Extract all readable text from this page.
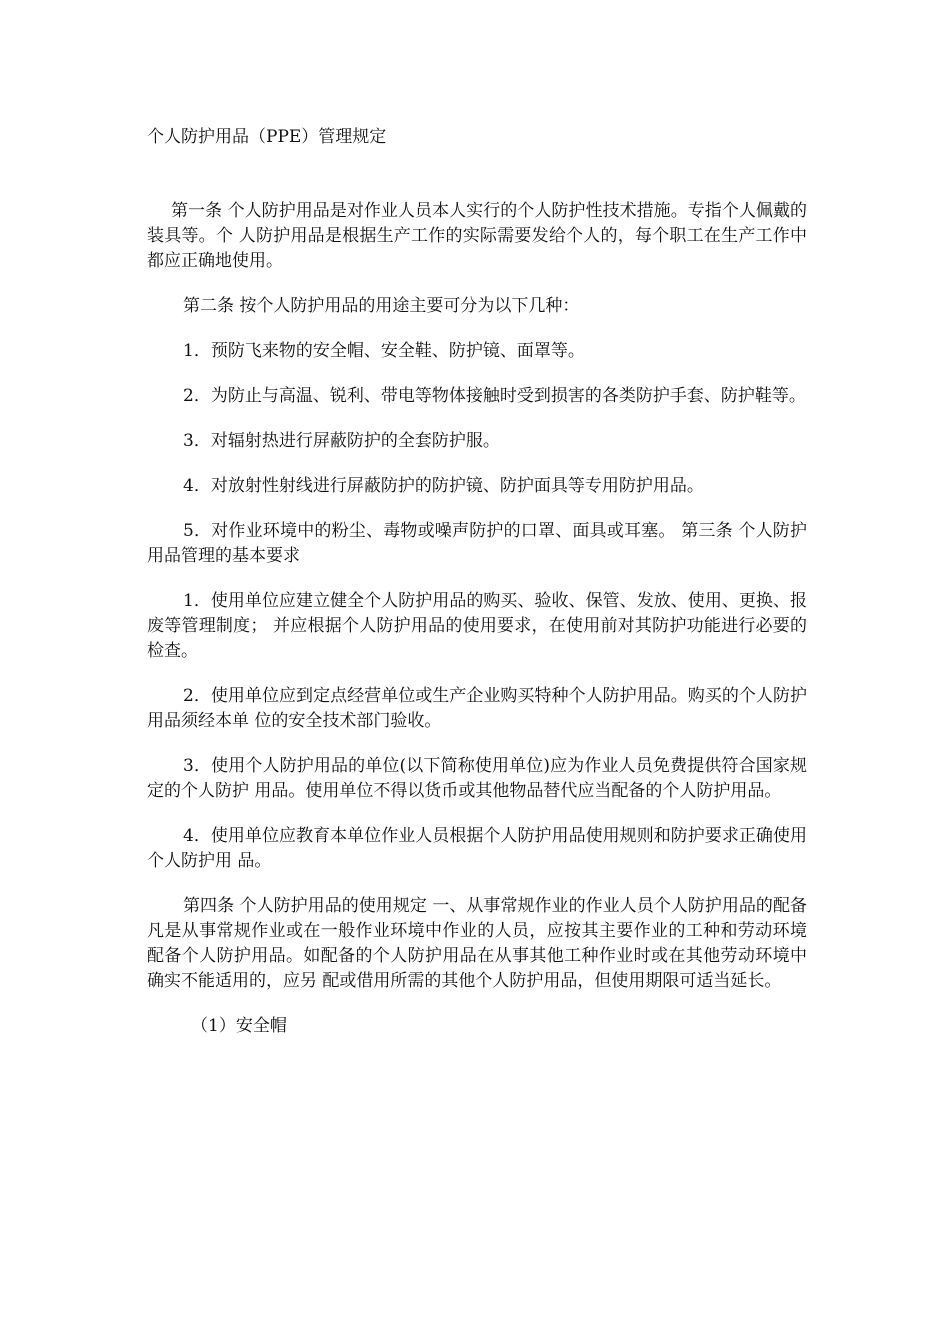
个人防护用品（PPE）管理规定

第一条 个人防护用品是对作业人员本人实行的个人防护性技术措施。专指个人佩戴的装具等。个 人防护用品是根据生产工作的实际需要发给个人的，每个职工在生产工作中都应正确地使用。

第二条 按个人防护用品的用途主要可分为以下几种：

1．预防飞来物的安全帽、安全鞋、防护镜、面罩等。

2．为防止与高温、锐利、带电等物体接触时受到损害的各类防护手套、防护鞋等。

3．对辐射热进行屏蔽防护的全套防护服。

4．对放射性射线进行屏蔽防护的防护镜、防护面具等专用防护用品。

5．对作业环境中的粉尘、毒物或噪声防护的口罩、面具或耳塞。 第三条 个人防护用品管理的基本要求

1．使用单位应建立健全个人防护用品的购买、验收、保管、发放、使用、更换、报废等管理制度； 并应根据个人防护用品的使用要求，在使用前对其防护功能进行必要的检查。

2．使用单位应到定点经营单位或生产企业购买特种个人防护用品。购买的个人防护用品须经本单 位的安全技术部门验收。

3．使用个人防护用品的单位(以下简称使用单位)应为作业人员免费提供符合国家规定的个人防护 用品。使用单位不得以货币或其他物品替代应当配备的个人防护用品。

4．使用单位应教育本单位作业人员根据个人防护用品使用规则和防护要求正确使用个人防护用 品。

第四条 个人防护用品的使用规定 一、从事常规作业的作业人员个人防护用品的配备 凡是从事常规作业或在一般作业环境中作业的人员，应按其主要作业的工种和劳动环境配备个人防护用品。如配备的个人防护用品在从事其他工种作业时或在其他劳动环境中确实不能适用的，应另 配或借用所需的其他个人防护用品，但使用期限可适当延长。

（1）安全帽
